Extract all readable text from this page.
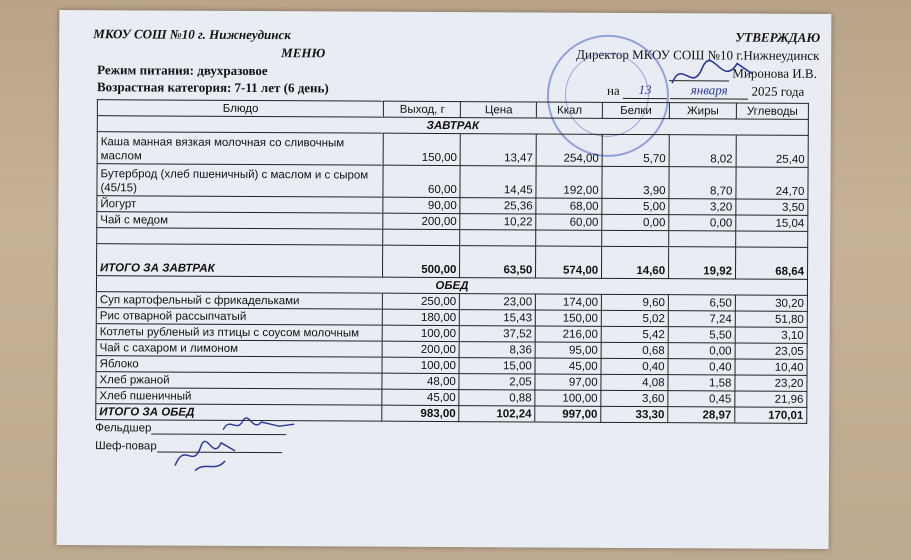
МКОУ СОШ №10 г. Нижнеудинск
МЕНЮ
Режим питания: двухразовое
Возрастная категория: 7-11 лет (6 день)
УТВЕРЖДАЮ
Директор МКОУ СОШ №10 г.Нижнеудинск
Миронова И.В.
на 13	января 2025 года
Блюдо	Выход, г	Цена	Ккал	Белки	Жиры	Углеводы
ЗАВТРАК						
Каша манная вязкая молочная со сливочным маслом	150,00	13,47	254,00	5,70	8,02	25,40
Бутерброд (хлеб пшеничный) с маслом и с сыром (45/15)	60,00	14,45	192,00	3,90	8,70	24,70
Йогурт	90,00	25,36	68,00	5,00	3,20	3,50
Чай с медом	200,00	10,22	60,00	0,00	0,00	15,04

ИТОГО ЗА ЗАВТРАК	500,00	63,50	574,00	14,60	19,92	68,64
ОБЕД						
Суп картофельный с фрикадельками	250,00	23,00	174,00	9,60	6,50	30,20
Рис отварной рассыпчатый	180,00	15,43	150,00	5,02	7,24	51,80
Котлеты рубленый из птицы с соусом молочным	100,00	37,52	216,00	5,42	5,50	3,10
Чай с сахаром и лимоном	200,00	8,36	95,00	0,68	0,00	23,05
Яблоко	100,00	15,00	45,00	0,40	0,40	10,40
Хлеб ржаной	48,00	2,05	97,00	4,08	1,58	23,20
Хлеб пшеничный	45,00	0,88	100,00	3,60	0,45	21,96
ИТОГО ЗА ОБЕД	983,00	102,24	997,00	33,30	28,97	170,01
Фельдшер
Шеф-повар
